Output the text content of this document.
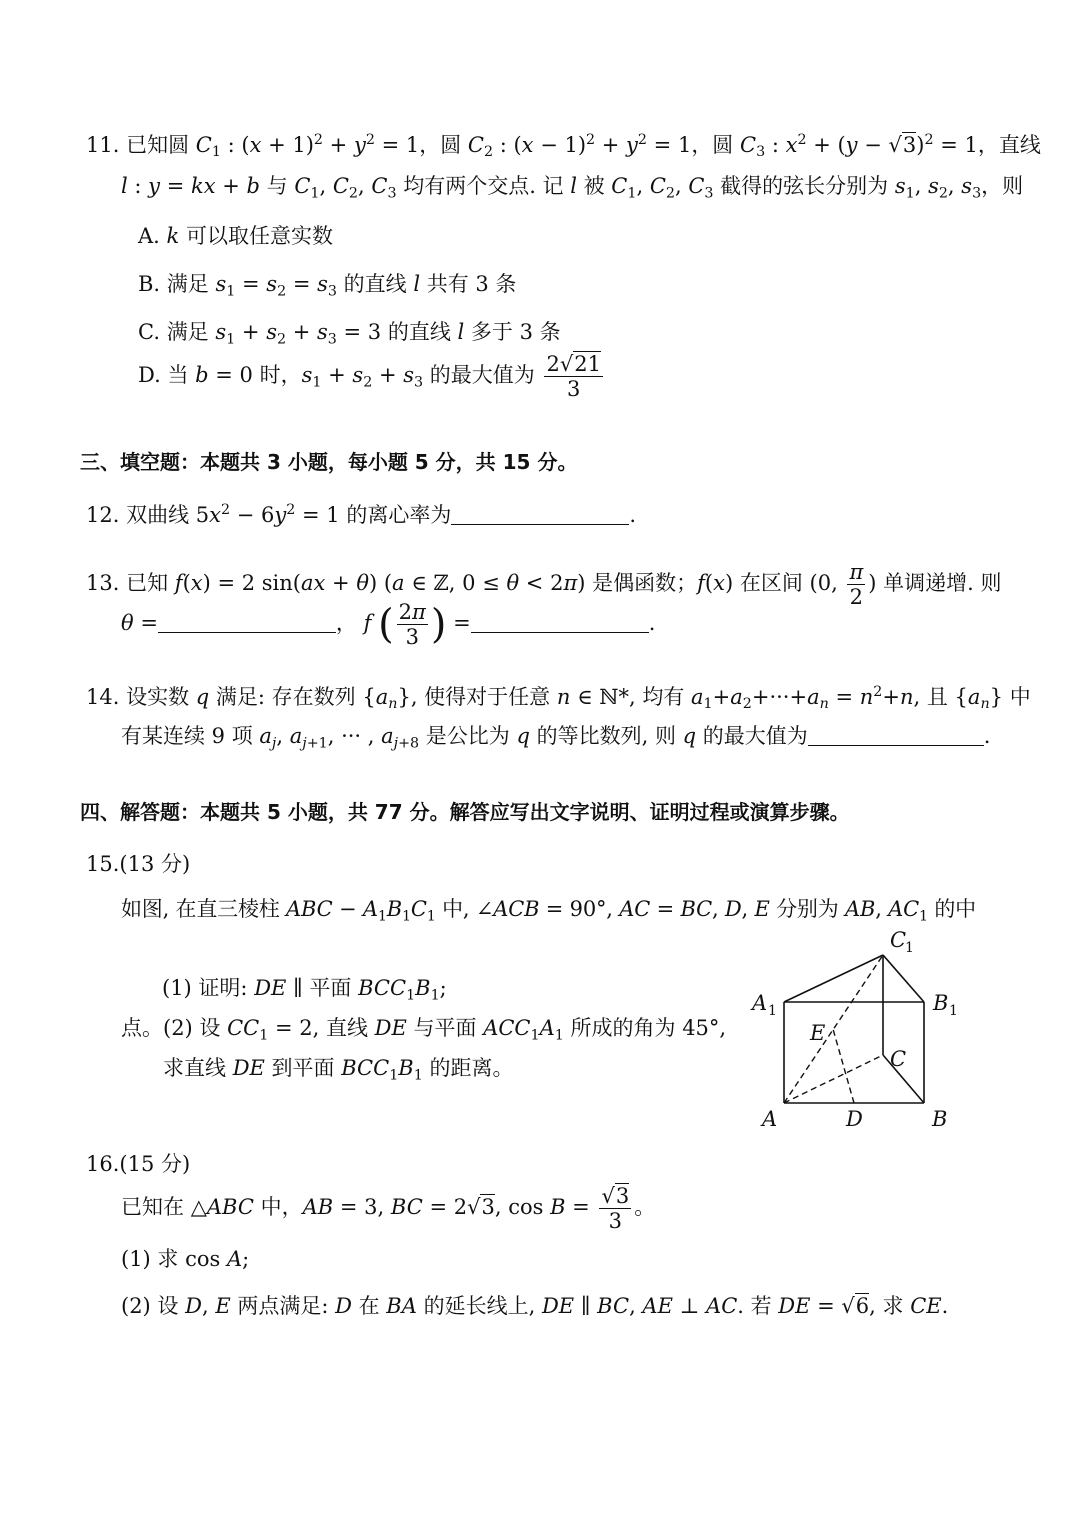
11. 已知圆 $C_1$ : $(x + 1)^2 + y^2 = 1$，圆 $C_2$ : $(x - 1)^2 + y^2 = 1$，圆 $C_3$ : $x^2 + (y - √3)^2 = 1$，直线
l : y = kx + b 与 $C_1$, $C_2$, $C_3$ 均有两个交点. 记 l 被 $C_1$, $C_2$, $C_3$ 截得的弦长分别为 $s_1$, $s_2$, $s_3$，则
A. k 可以取任意实数
B. 满足 $s_1 = s_2 = s_3$ 的直线 l 共有 3 条
C. 满足 $s_1 + s_2 + s_3 = 3$ 的直线 l 多于 3 条
D. 当 b = 0 时，$s_1 + s_2 + s_3$ 的最大值为 $\frac{2√21}{3}$
三、填空题：本题共 3 小题，每小题 5 分，共 15 分。
12. 双曲线 $5x^2 - 6y^2 = 1$ 的离心率为	.
13. 已知 f(x) = 2 sin(ax + θ) (a ∈ ℤ, 0 ≤ θ < 2π) 是偶函数；f(x) 在区间 (0, $\frac{\pi}{2}$ ) 单调递增. 则
θ =	， f ( $\frac{2\pi}{3}$ ) =	.
14. 设实数 q 满足: 存在数列 $\{a_n\}$, 使得对于任意 n ∈ ℕ*, 均有 $a_1+a_2+\cdot\cdot\cdot+a_n = n^2+n$, 且 $\{a_n\}$ 中
有某连续 9 项 $a_j$, $a_{j+1}$, ··· , $a_{j+8}$ 是公比为 q 的等比数列, 则 q 的最大值为	.
四、解答题：本题共 5 小题，共 77 分。解答应写出文字说明、证明过程或演算步骤。
15.(13 分)
如图, 在直三棱柱 ABC − $A_1B_1C_1$ 中, ∠ACB = 90°, AC = BC, D, E 分别为 AB, $AC_1$ 的中
(1) 证明: DE ∥ 平面 $BCC_1B_1$;
点。(2) 设 $CC_1 = 2$, 直线 DE 与平面 $ACC_1A_1$ 所成的角为 45°,
求直线 DE 到平面 $BCC_1B_1$ 的距离。
A	D	B
C
E
A 1	B 1
C
1
16.(15 分)
已知在 △ABC 中，AB = 3, BC = 2√3, $\cos B = \frac{√3}{3}$ 。
(1) 求 cos A;
(2) 设 D, E 两点满足: D 在 BA 的延长线上, DE ∥ BC, AE ⊥ AC. 若 DE = √6, 求 CE.
